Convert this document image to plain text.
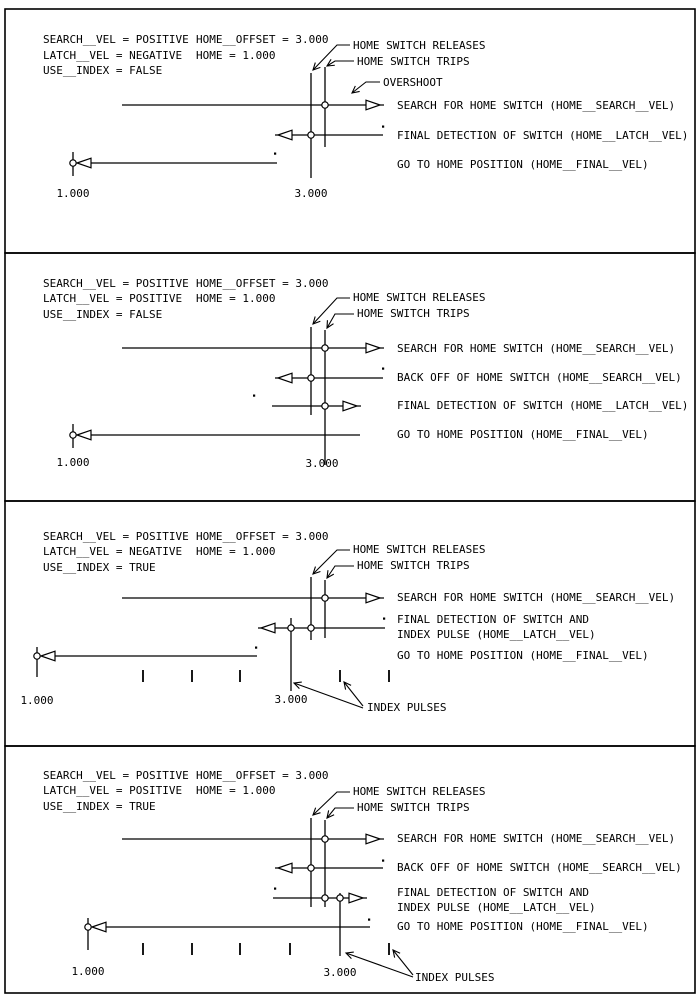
SEARCH__VEL = POSITIVE
LATCH__VEL = NEGATIVE
USE__INDEX = FALSE
HOME__OFFSET = 3.000
HOME = 1.000
HOME SWITCH RELEASES
HOME SWITCH TRIPS
OVERSHOOT
SEARCH FOR HOME SWITCH (HOME__SEARCH__VEL)
FINAL DETECTION OF SWITCH (HOME__LATCH__VEL)
GO TO HOME POSITION (HOME__FINAL__VEL)
1.000	3.000
SEARCH__VEL = POSITIVE
LATCH__VEL = POSITIVE
USE__INDEX = FALSE
HOME__OFFSET = 3.000
HOME = 1.000	HOME SWITCH RELEASES
HOME SWITCH TRIPS
SEARCH FOR HOME SWITCH (HOME__SEARCH__VEL)
BACK OFF OF HOME SWITCH (HOME__SEARCH__VEL)
FINAL DETECTION OF SWITCH (HOME__LATCH__VEL)
GO TO HOME POSITION (HOME__FINAL__VEL)
1.000	3.000
SEARCH__VEL = POSITIVE
LATCH__VEL = NEGATIVE
USE__INDEX = TRUE
HOME__OFFSET = 3.000
HOME = 1.000	HOME SWITCH RELEASES
HOME SWITCH TRIPS
SEARCH FOR HOME SWITCH (HOME__SEARCH__VEL)
FINAL DETECTION OF SWITCH AND
INDEX PULSE (HOME__LATCH__VEL)
GO TO HOME POSITION (HOME__FINAL__VEL)
INDEX PULSES
1.000	3.000
SEARCH__VEL = POSITIVE
LATCH__VEL = POSITIVE
USE__INDEX = TRUE
HOME__OFFSET = 3.000
HOME = 1.000	HOME SWITCH RELEASES
HOME SWITCH TRIPS
SEARCH FOR HOME SWITCH (HOME__SEARCH__VEL)
BACK OFF OF HOME SWITCH (HOME__SEARCH__VEL)
FINAL DETECTION OF SWITCH AND
INDEX PULSE (HOME__LATCH__VEL)
GO TO HOME POSITION (HOME__FINAL__VEL)
INDEX PULSES
1.000	3.000
